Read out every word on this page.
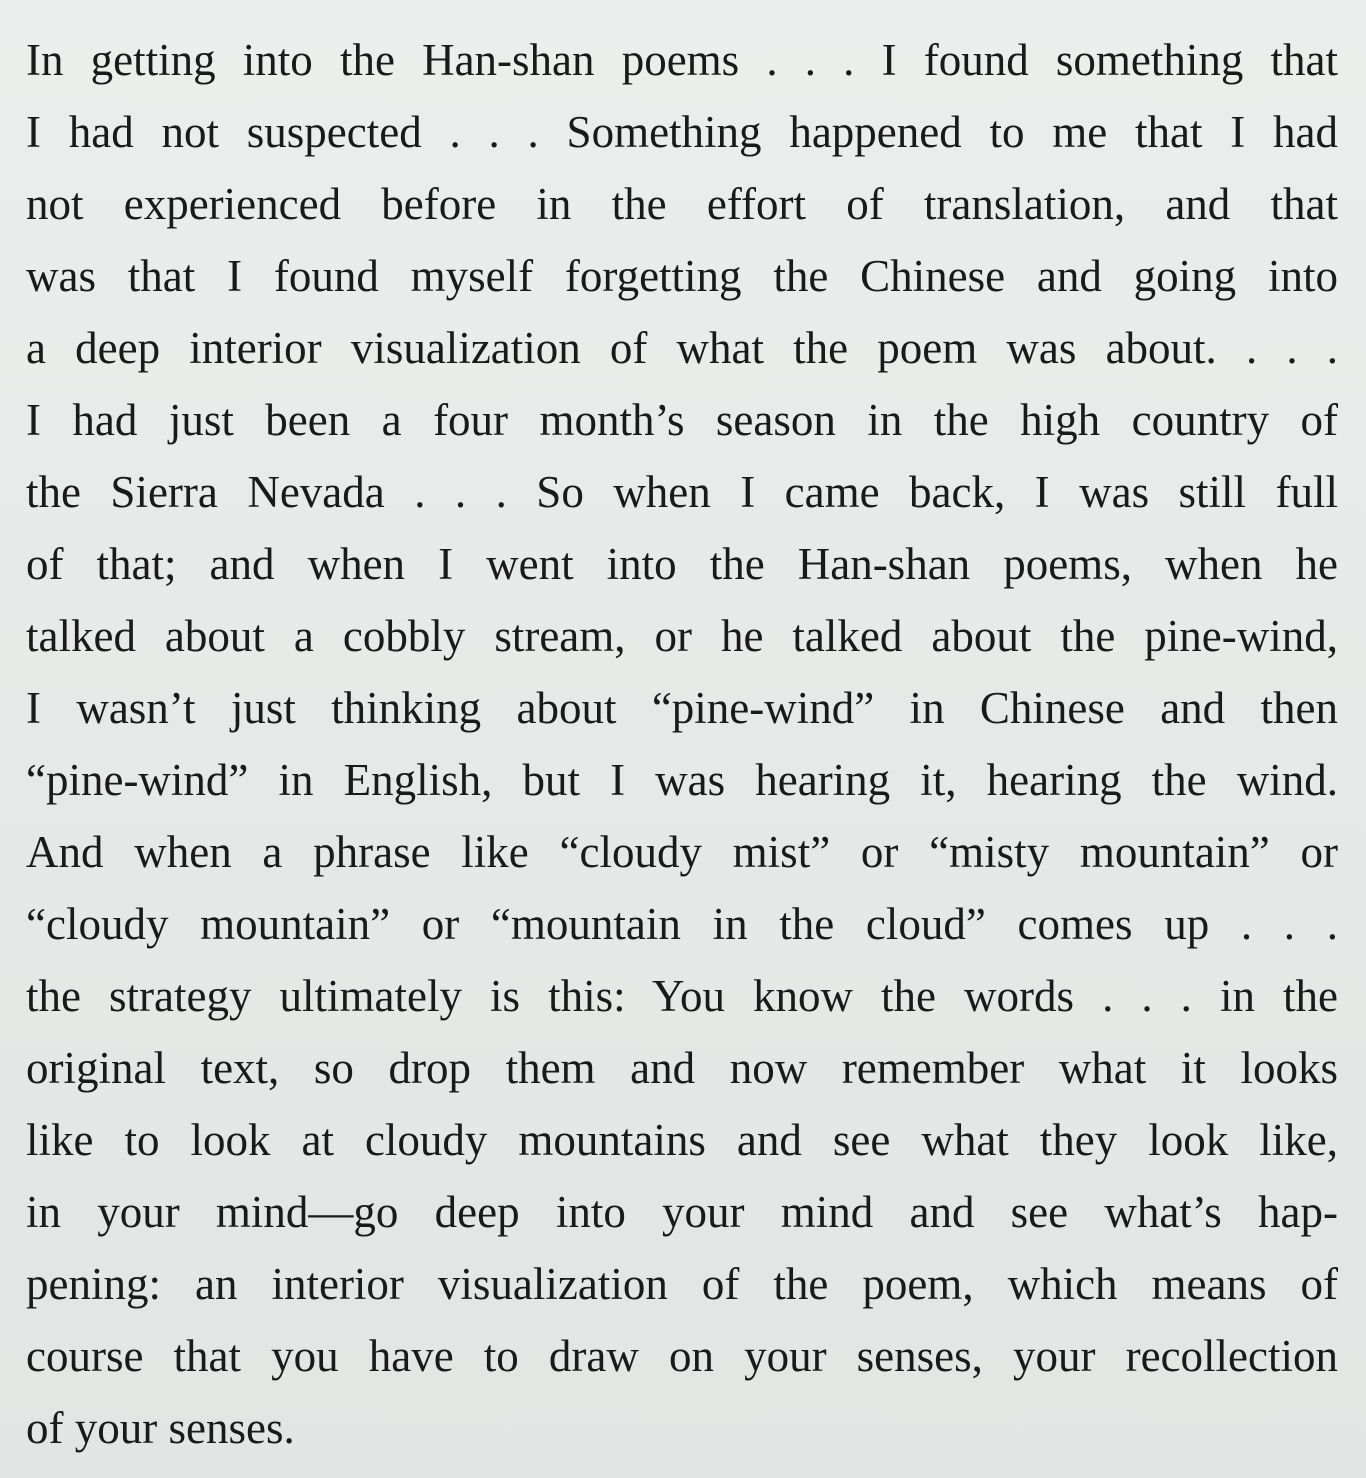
In getting into the Han-shan poems . . . I found something that
I had not suspected . . . Something happened to me that I had
not experienced before in the effort of translation, and that
was that I found myself forgetting the Chinese and going into
a deep interior visualization of what the poem was about. . . .
I had just been a four month’s season in the high country of
the Sierra Nevada . . . So when I came back, I was still full
of that; and when I went into the Han-shan poems, when he
talked about a cobbly stream, or he talked about the pine-wind,
I wasn’t just thinking about “pine-wind” in Chinese and then
“pine-wind” in English, but I was hearing it, hearing the wind.
And when a phrase like “cloudy mist” or “misty mountain” or
“cloudy mountain” or “mountain in the cloud” comes up . . .
the strategy ultimately is this: You know the words . . . in the
original text, so drop them and now remember what it looks
like to look at cloudy mountains and see what they look like,
in your mind—go deep into your mind and see what’s hap-
pening: an interior visualization of the poem, which means of
course that you have to draw on your senses, your recollection
of your senses.
